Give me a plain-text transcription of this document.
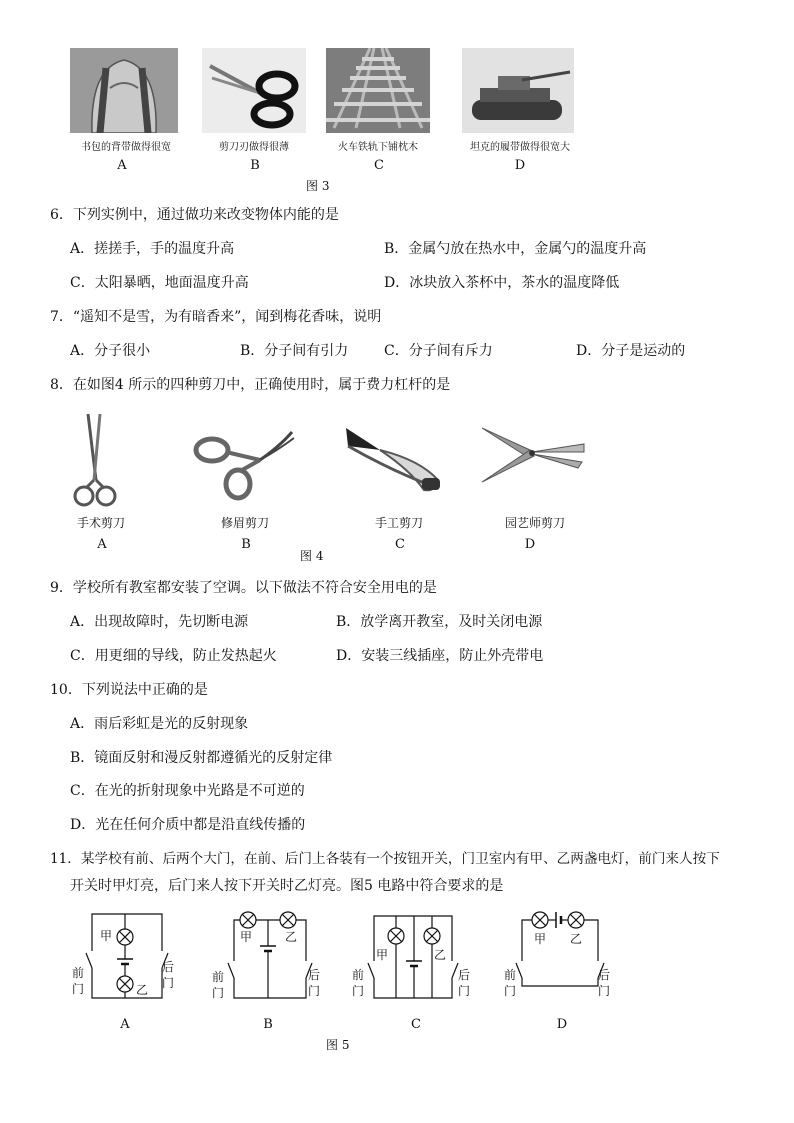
书包的背带做得很宽	剪刀刃做得很薄	火车铁轨下铺枕木	坦克的履带做得很宽大
A	B	C	D
图 3
6．下列实例中，通过做功来改变物体内能的是
A．搓搓手，手的温度升高	B．金属勺放在热水中，金属勺的温度升高
C．太阳暴晒，地面温度升高	D．冰块放入茶杯中，茶水的温度降低
7．“遥知不是雪，为有暗香来”，闻到梅花香味，说明
A．分子很小	B．分子间有引力	C．分子间有斥力	D．分子是运动的
8．在如图4 所示的四种剪刀中，正确使用时，属于费力杠杆的是
手术剪刀	修眉剪刀	手工剪刀	园艺师剪刀
A	B	C	D
图 4
9．学校所有教室都安装了空调。以下做法不符合安全用电的是
A．出现故障时，先切断电源	B．放学离开教室，及时关闭电源
C．用更细的导线，防止发热起火	D．安装三线插座，防止外壳带电
10．下列说法中正确的是
A．雨后彩虹是光的反射现象
B．镜面反射和漫反射都遵循光的反射定律
C．在光的折射现象中光路是不可逆的
D．光在任何介质中都是沿直线传播的
11．某学校有前、后两个大门，在前、后门上各装有一个按钮开关，门卫室内有甲、乙两盏电灯，前门来人按下
开关时甲灯亮，后门来人按下开关时乙灯亮。图5 电路中符合要求的是
甲
乙
前
门
后
门
甲	乙
前
门
后
门
甲	乙
前
门
后
门
甲 乙
前
门
后
门
A	B	C	D
图 5
